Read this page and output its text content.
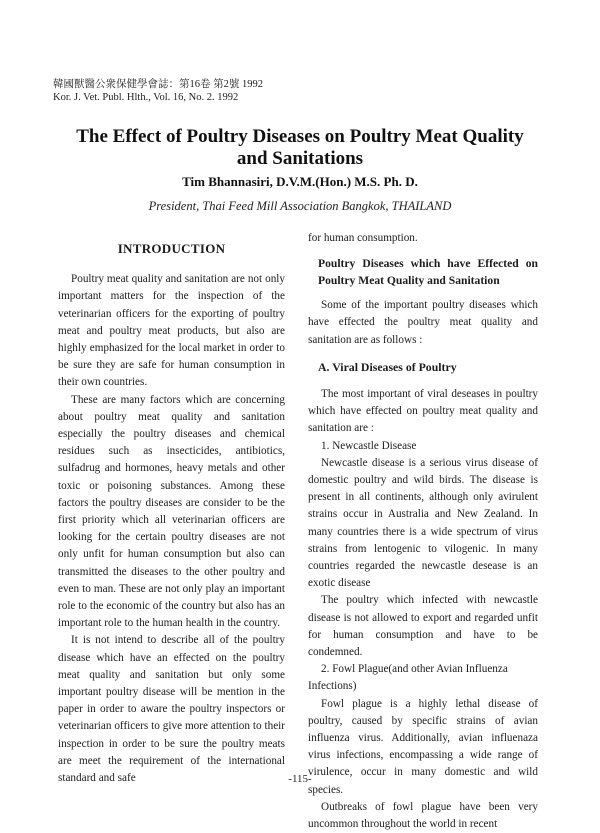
韓國獸醫公衆保健學會誌：第16卷 第2號 1992
Kor. J. Vet. Publ. Hlth., Vol. 16, No. 2. 1992
The Effect of Poultry Diseases on Poultry Meat Quality
and Sanitations
Tim Bhannasiri, D.V.M.(Hon.) M.S. Ph. D.
President, Thai Feed Mill Association Bangkok, THAILAND
INTRODUCTION

Poultry meat quality and sanitation are not only important matters for the inspection of the veterinarian officers for the exporting of poultry meat and poultry meat products, but also are highly emphasized for the local market in order to be sure they are safe for human consumption in their own countries.

These are many factors which are concerning about poultry meat quality and sanitation especially the poultry diseases and chemical residues such as insecticides, antibiotics, sulfadrug and hormones, heavy metals and other toxic or poisoning substances. Among these factors the poultry diseases are consider to be the first priority which all veterinarian officers are looking for the certain poultry diseases are not only unfit for human consumption but also can transmitted the diseases to the other poultry and even to man. These are not only play an important role to the economic of the country but also has an important role to the human health in the country.

It is not intend to describe all of the poultry disease which have an effected on the poultry meat quality and sanitation but only some important poultry disease will be mention in the paper in order to aware the poultry inspectors or veterinarian officers to give more attention to their inspection in order to be sure the poultry meats are meet the requirement of the international standard and safe

for human consumption.

Poultry Diseases which have Effected on Poultry Meat Quality and Sanitation

Some of the important poultry diseases which have effected the poultry meat quality and sanitation are as follows :

A. Viral Diseases of Poultry

The most important of viral deseases in poultry which have effected on poultry meat quality and sanitation are :

1. Newcastle Disease

Newcastle disease is a serious virus disease of domestic poultry and wild birds. The disease is present in all continents, although only avirulent strains occur in Australia and New Zealand. In many countries there is a wide spectrum of virus strains from lentogenic to vilogenic. In many countries regarded the newcastle desease is an exotic disease

The poultry which infected with newcastle disease is not allowed to export and regarded unfit for human consumption and have to be condemned.

2. Fowl Plague(and other Avian Influenza Infections)

Fowl plague is a highly lethal disease of poultry, caused by specific strains of avian influenza virus. Additionally, avian influenaza virus infections, encompassing a wide range of virulence, occur in many domestic and wild species.

Outbreaks of fowl plague have been very uncommon throughout the world in recent

-115-
